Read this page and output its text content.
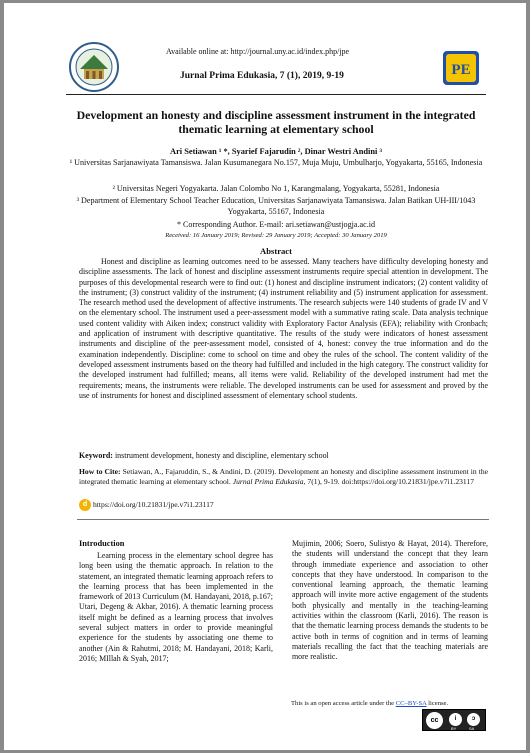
Available online at: http://journal.uny.ac.id/index.php/jpe
Jurnal Prima Edukasia, 7 (1), 2019, 9-19	PE
Development an honesty and discipline assessment instrument in the integrated thematic learning at elementary school
Ari Setiawan ¹ *, Syarief Fajarudin ², Dinar Westri Andini ³
¹ Universitas Sarjanawiyata Tamansiswa. Jalan Kusumanegara No.157, Muja Muju, Umbulharjo, Yogyakarta, 55165, Indonesia
² Universitas Negeri Yogyakarta. Jalan Colombo No 1, Karangmalang, Yogyakarta, 55281, Indonesia
³ Department of Elementary School Teacher Education, Universitas Sarjanawiyata Tamansiswa. Jalan Batikan UH-III/1043 Yogyakarta, 55167, Indonesia
* Corresponding Author. E-mail: ari.setiawan@ustjogja.ac.id
Received: 16 January 2019; Revised: 29 January 2019; Accepted: 30 January 2019
Abstract
Honest and discipline as learning outcomes need to be assessed. Many teachers have difficulty developing honesty and discipline assessments. The lack of honest and discipline assessment instruments require special attention in development. The purposes of this developmental research were to find out: (1) honest and discipline instrument indicators; (2) content validity of the instrument; (3) construct validity of the instrument; (4) instrument reliability and (5) instrument application for assessment. The research method used the development of affective instruments. The research subjects were 140 students of grade IV and V on the elementary school. The instrument used a peer-assessment model with a summative rating scale. Data analysis technique used content validity with Aiken index; construct validity with Exploratory Factor Analysis (EFA); reliability with Cronbach; and application of instrument with descriptive quantitative. The results of the study were indicators of honest assessment instruments and discipline of the peer-assessment model, consisted of 4, honest: convey the true information and do the examination independently. Discipline: come to school on time and obey the rules of the school. The content validity of the developed assessment instruments based on the theory had fulfilled and included in the high category. The construct validity for the developed instrument had fulfilled; means, all items were valid. Reliability of the developed instrument had met the requirements; means, the instruments were reliable. The developed instruments can be used for assessment and proved by the use of instruments for honest and disciplined assessment of elementary school students.
Keyword: instrument development, honesty and discipline, elementary school
How to Cite: Setiawan, A., Fajaruddin, S., & Andini, D. (2019). Development an honesty and discipline assessment instrument in the integrated thematic learning at elementary school. Jurnal Prima Edukasia, 7(1), 9-19. doi:https://doi.org/10.21831/jpe.v7i1.23117
d https://doi.org/10.21831/jpe.v7i1.23117
Introduction
Learning process in the elementary school degree has long been using the thematic approach. In relation to the statement, an integrated thematic learning approach refers to the learning process that has been implemented in the framework of 2013 Curriculum (M. Handayani, 2018, p.167; Utari, Degeng & Akbar, 2016). A thematic learning process itself might be defined as a learning process that involves several subject matters in order to provide meaningful experience for the students by associating one theme to another (Ain & Rahutmi, 2018; M. Handayani, 2018; Karli, 2016; MIllah & Syah, 2017;
Mujimin, 2006; Soero, Sulistyo & Hayat, 2014). Therefore, the students will understand the concept that they learn through immediate experience and association to other concepts that they have understood. In comparison to the conventional learning approach, the thematic learning approach will invite more active engagement of the students both physically and mentally in the teaching-learning activities within the classroom (Karli, 2016). The reason is that the thematic learning process demands the students to be active both in terms of cognition and in terms of learning materials recalling the fact that the teaching materials are more realistic.
This is an open access article under the CC–BY-SA license.
cc	i	ↄ
BY	SA
